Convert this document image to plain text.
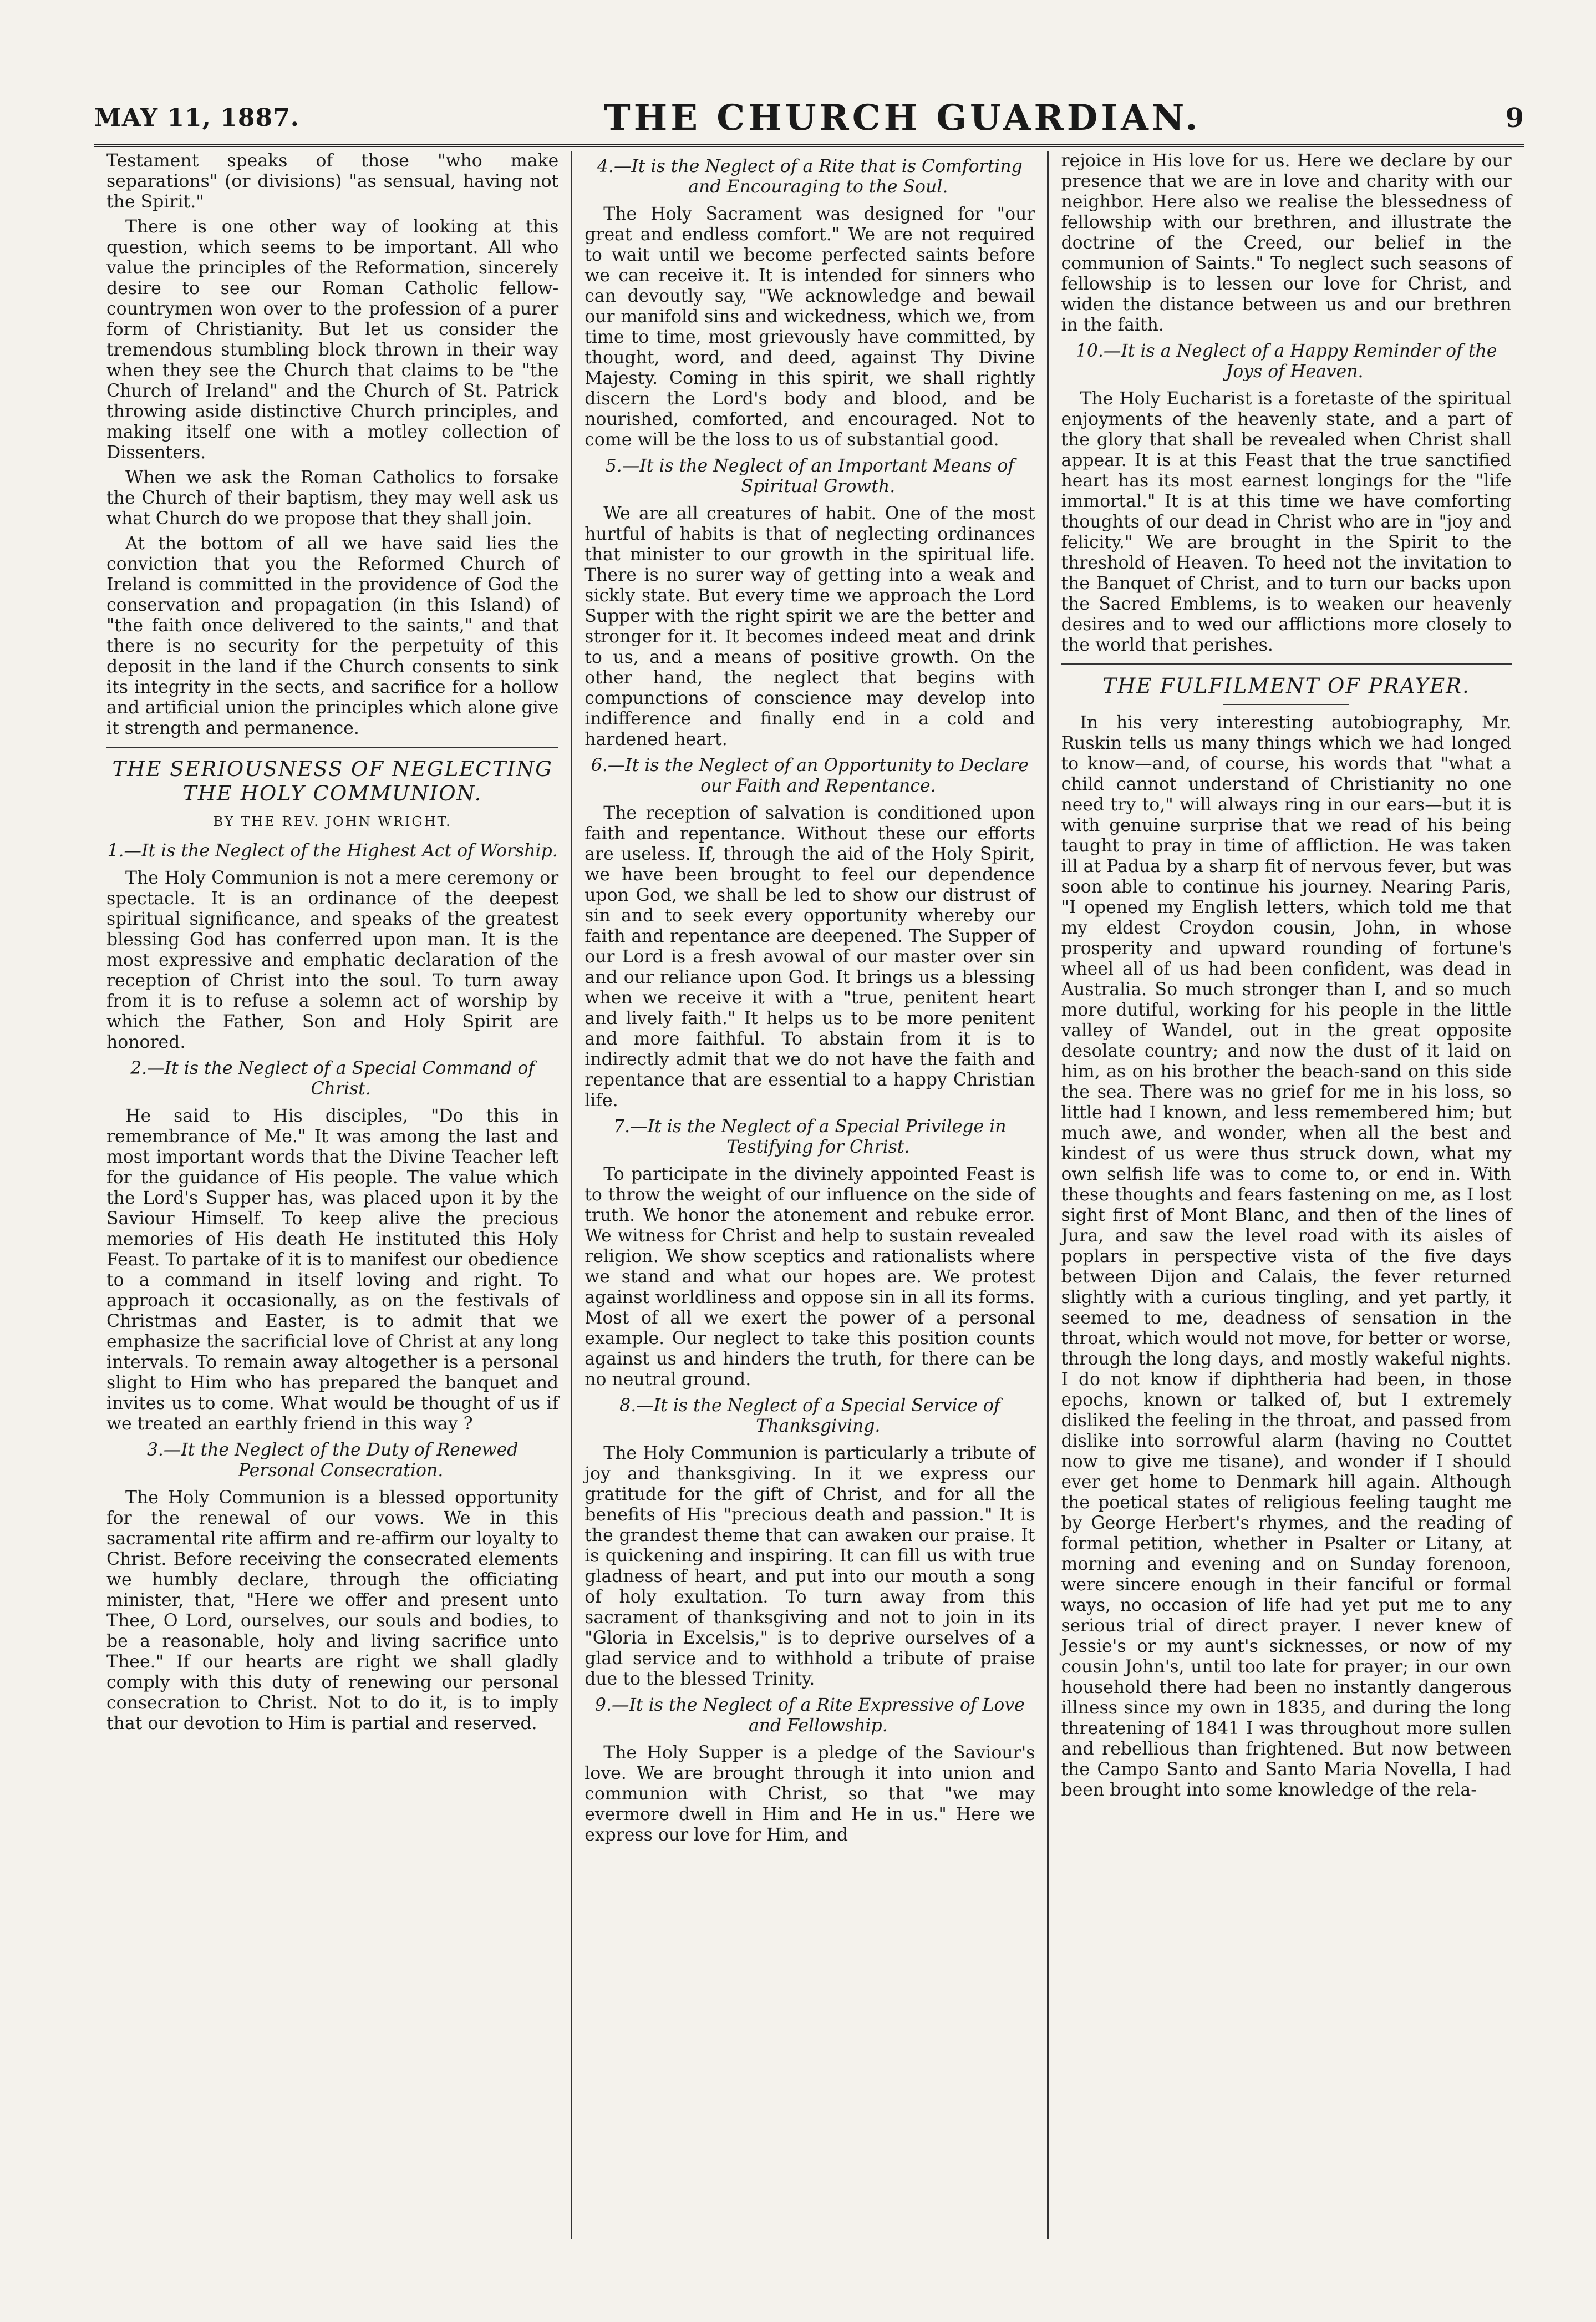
MAY 11, 1887.	THE CHURCH GUARDIAN.	9

Testament speaks of those "who make separations" (or divisions) "as sensual, having not the Spirit."

There is one other way of looking at this question, which seems to be important. All who value the principles of the Reformation, sincerely desire to see our Roman Catholic fellow-countrymen won over to the profession of a purer form of Christianity. But let us consider the tremendous stumbling block thrown in their way when they see the Church that claims to be "the Church of Ireland" and the Church of St. Patrick throwing aside distinctive Church principles, and making itself one with a motley collection of Dissenters.

When we ask the Roman Catholics to forsake the Church of their baptism, they may well ask us what Church do we propose that they shall join.

At the bottom of all we have said lies the conviction that you the Reformed Church of Ireland is committed in the providence of God the conservation and propagation (in this Island) of "the faith once delivered to the saints," and that there is no security for the perpetuity of this deposit in the land if the Church consents to sink its integrity in the sects, and sacrifice for a hollow and artificial union the principles which alone give it strength and permanence.

THE SERIOUSNESS OF NEGLECTING THE HOLY COMMUNION.
BY THE REV. JOHN WRIGHT.
1.—It is the Neglect of the Highest Act of Worship.

The Holy Communion is not a mere ceremony or spectacle. It is an ordinance of the deepest spiritual significance, and speaks of the greatest blessing God has conferred upon man. It is the most expressive and emphatic declaration of the reception of Christ into the soul. To turn away from it is to refuse a solemn act of worship by which the Father, Son and Holy Spirit are honored.

2.—It is the Neglect of a Special Command of Christ.

He said to His disciples, "Do this in remembrance of Me." It was among the last and most important words that the Divine Teacher left for the guidance of His people. The value which the Lord's Supper has, was placed upon it by the Saviour Himself. To keep alive the precious memories of His death He instituted this Holy Feast. To partake of it is to manifest our obedience to a command in itself loving and right. To approach it occasionally, as on the festivals of Christmas and Easter, is to admit that we emphasize the sacrificial love of Christ at any long intervals. To remain away altogether is a personal slight to Him who has prepared the banquet and invites us to come. What would be thought of us if we treated an earthly friend in this way ?

3.—It the Neglect of the Duty of Renewed Personal Consecration.

The Holy Communion is a blessed opportunity for the renewal of our vows. We in this sacramental rite affirm and re-affirm our loyalty to Christ. Before receiving the consecrated elements we humbly declare, through the officiating minister, that, "Here we offer and present unto Thee, O Lord, ourselves, our souls and bodies, to be a reasonable, holy and living sacrifice unto Thee." If our hearts are right we shall gladly comply with this duty of renewing our personal consecration to Christ. Not to do it, is to imply that our devotion to Him is partial and reserved.

4.—It is the Neglect of a Rite that is Comforting and Encouraging to the Soul.

The Holy Sacrament was designed for "our great and endless comfort." We are not required to wait until we become perfected saints before we can receive it. It is intended for sinners who can devoutly say, "We acknowledge and bewail our manifold sins and wickedness, which we, from time to time, most grievously have committed, by thought, word, and deed, against Thy Divine Majesty. Coming in this spirit, we shall rightly discern the Lord's body and blood, and be nourished, comforted, and encouraged. Not to come will be the loss to us of substantial good.

5.—It is the Neglect of an Important Means of Spiritual Growth.

We are all creatures of habit. One of the most hurtful of habits is that of neglecting ordinances that minister to our growth in the spiritual life. There is no surer way of getting into a weak and sickly state. But every time we approach the Lord Supper with the right spirit we are the better and stronger for it. It becomes indeed meat and drink to us, and a means of positive growth. On the other hand, the neglect that begins with compunctions of conscience may develop into indifference and finally end in a cold and hardened heart.

6.—It is the Neglect of an Opportunity to Declare our Faith and Repentance.

The reception of salvation is conditioned upon faith and repentance. Without these our efforts are useless. If, through the aid of the Holy Spirit, we have been brought to feel our dependence upon God, we shall be led to show our distrust of sin and to seek every opportunity whereby our faith and repentance are deepened. The Supper of our Lord is a fresh avowal of our master over sin and our reliance upon God. It brings us a blessing when we receive it with a "true, penitent heart and lively faith." It helps us to be more penitent and more faithful. To abstain from it is to indirectly admit that we do not have the faith and repentance that are essential to a happy Christian life.

7.—It is the Neglect of a Special Privilege in Testifying for Christ.

To participate in the divinely appointed Feast is to throw the weight of our influence on the side of truth. We honor the atonement and rebuke error. We witness for Christ and help to sustain revealed religion. We show sceptics and rationalists where we stand and what our hopes are. We protest against worldliness and oppose sin in all its forms. Most of all we exert the power of a personal example. Our neglect to take this position counts against us and hinders the truth, for there can be no neutral ground.

8.—It is the Neglect of a Special Service of Thanksgiving.

The Holy Communion is particularly a tribute of joy and thanksgiving. In it we express our gratitude for the gift of Christ, and for all the benefits of His "precious death and passion." It is the grandest theme that can awaken our praise. It is quickening and inspiring. It can fill us with true gladness of heart, and put into our mouth a song of holy exultation. To turn away from this sacrament of thanksgiving and not to join in its "Gloria in Excelsis," is to deprive ourselves of a glad service and to withhold a tribute of praise due to the blessed Trinity.

9.—It is the Neglect of a Rite Expressive of Love and Fellowship.

The Holy Supper is a pledge of the Saviour's love. We are brought through it into union and communion with Christ, so that "we may evermore dwell in Him and He in us." Here we express our love for Him, and

rejoice in His love for us. Here we declare by our presence that we are in love and charity with our neighbor. Here also we realise the blessedness of fellowship with our brethren, and illustrate the doctrine of the Creed, our belief in the communion of Saints." To neglect such seasons of fellowship is to lessen our love for Christ, and widen the distance between us and our brethren in the faith.

10.—It is a Neglect of a Happy Reminder of the Joys of Heaven.

The Holy Eucharist is a foretaste of the spiritual enjoyments of the heavenly state, and a part of the glory that shall be revealed when Christ shall appear. It is at this Feast that the true sanctified heart has its most earnest longings for the "life immortal." It is at this time we have comforting thoughts of our dead in Christ who are in "joy and felicity." We are brought in the Spirit to the threshold of Heaven. To heed not the invitation to the Banquet of Christ, and to turn our backs upon the Sacred Emblems, is to weaken our heavenly desires and to wed our afflictions more closely to the world that perishes.

THE FULFILMENT OF PRAYER.

In his very interesting autobiography, Mr. Ruskin tells us many things which we had longed to know—and, of course, his words that "what a child cannot understand of Christianity no one need try to," will always ring in our ears—but it is with genuine surprise that we read of his being taught to pray in time of affliction. He was taken ill at Padua by a sharp fit of nervous fever, but was soon able to continue his journey. Nearing Paris, "I opened my English letters, which told me that my eldest Croydon cousin, John, in whose prosperity and upward rounding of fortune's wheel all of us had been confident, was dead in Australia. So much stronger than I, and so much more dutiful, working for his people in the little valley of Wandel, out in the great opposite desolate country; and now the dust of it laid on him, as on his brother the beach-sand on this side the sea. There was no grief for me in his loss, so little had I known, and less remembered him; but much awe, and wonder, when all the best and kindest of us were thus struck down, what my own selfish life was to come to, or end in. With these thoughts and fears fastening on me, as I lost sight first of Mont Blanc, and then of the lines of Jura, and saw the level road with its aisles of poplars in perspective vista of the five days between Dijon and Calais, the fever returned slightly with a curious tingling, and yet partly, it seemed to me, deadness of sensation in the throat, which would not move, for better or worse, through the long days, and mostly wakeful nights. I do not know if diphtheria had been, in those epochs, known or talked of, but I extremely disliked the feeling in the throat, and passed from dislike into sorrowful alarm (having no Couttet now to give me tisane), and wonder if I should ever get home to Denmark hill again. Although the poetical states of religious feeling taught me by George Herbert's rhymes, and the reading of formal petition, whether in Psalter or Litany, at morning and evening and on Sunday forenoon, were sincere enough in their fanciful or formal ways, no occasion of life had yet put me to any serious trial of direct prayer. I never knew of Jessie's or my aunt's sicknesses, or now of my cousin John's, until too late for prayer; in our own household there had been no instantly dangerous illness since my own in 1835, and during the long threatening of 1841 I was throughout more sullen and rebellious than frightened. But now between the Campo Santo and Santo Maria Novella, I had been brought into some knowledge of the rela-
